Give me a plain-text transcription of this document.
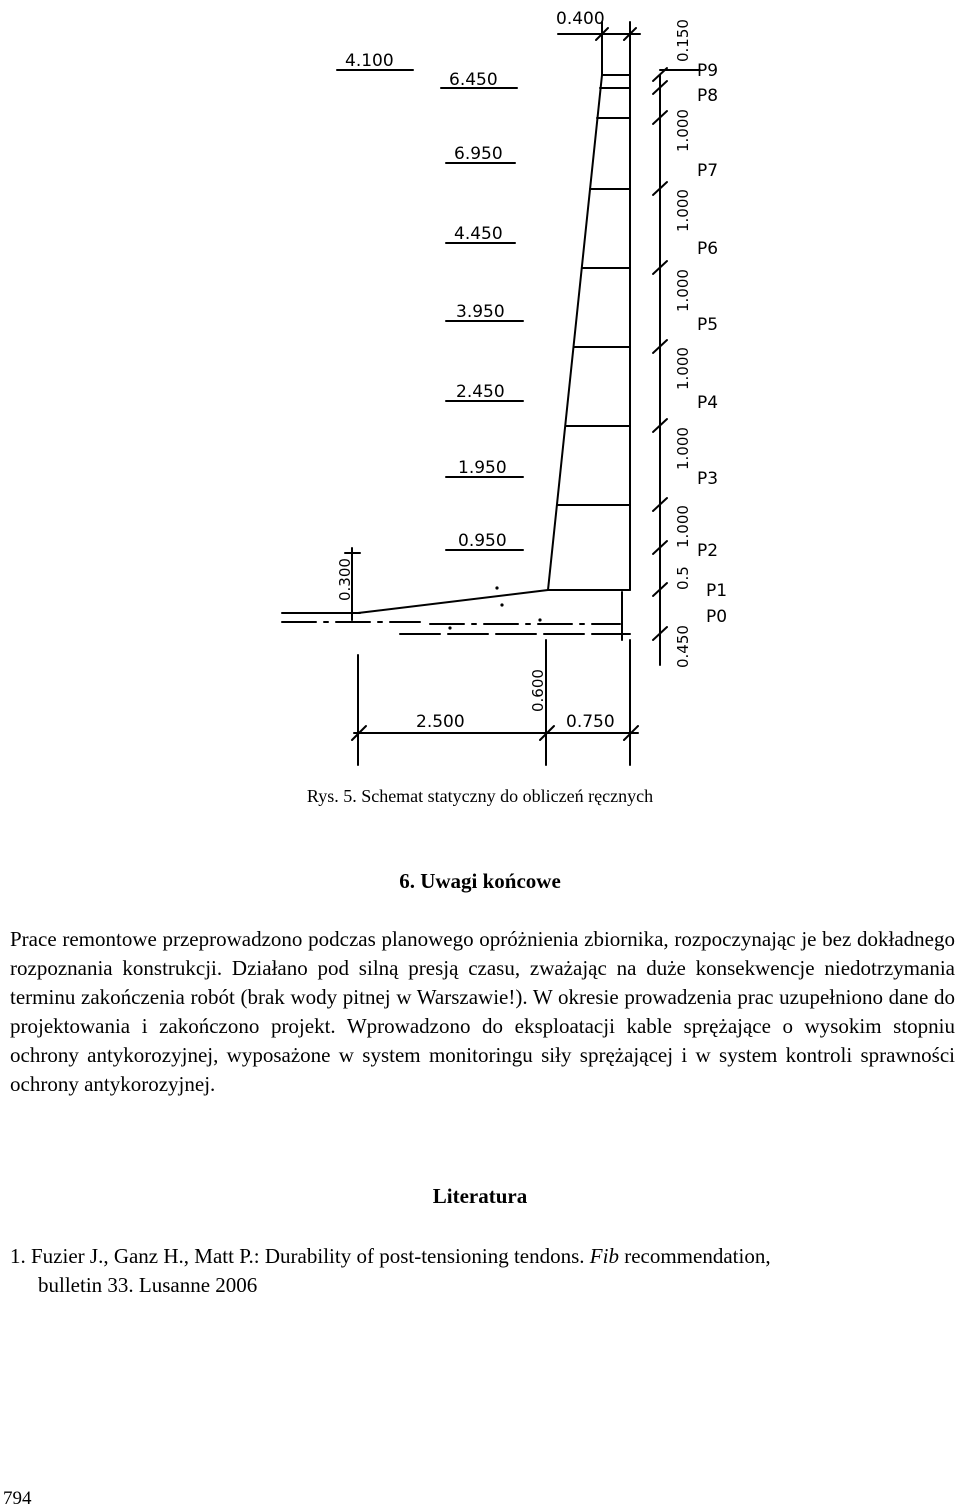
4.100
6.450
6.950
4.450
3.950
2.450
1.950
0.950
0.400
0.150
1.000
1.000
1.000
1.000
1.000
1.000
0.5
0.450
P9
P8
P7
P6
P5
P4
P3
P2
P1
P0
0.300
0.600
2.500	0.750
Rys. 5. Schemat statyczny do obliczeń ręcznych
6. Uwagi końcowe
Prace remontowe przeprowadzono podczas planowego opróżnienia zbiornika, rozpoczynając je bez dokładnego rozpoznania konstrukcji. Działano pod silną presją czasu, zważając na duże konsekwencje niedotrzymania terminu zakończenia robót (brak wody pitnej w Warszawie!). W okresie prowadzenia prac uzupełniono dane do projektowania i zakończono projekt. Wprowadzono do eksploatacji kable sprężające o wysokim stopniu ochrony antykorozyjnej, wyposażone w system monitoringu siły sprężającej i w system kontroli sprawności ochrony antykorozyjnej.
Literatura
1. Fuzier J., Ganz H., Matt P.: Durability of post-tensioning tendons. Fib recommendation,
bulletin 33. Lusanne 2006
794
